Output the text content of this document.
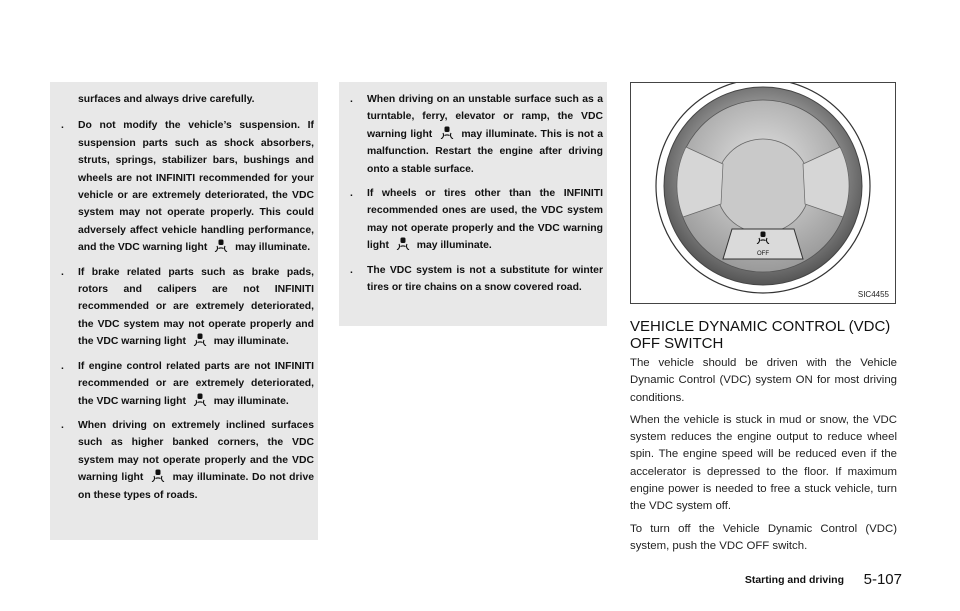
surfaces and always drive carefully.
. Do not modify the vehicle’s suspension. If suspension parts such as shock absorbers, struts, springs, stabilizer bars, bushings and wheels are not INFINITI recommended for your vehicle or are extremely deteriorated, the VDC system may not operate properly. This could adversely affect vehicle handling performance, and the VDC warning light	may illuminate.
. If brake related parts such as brake pads, rotors and calipers are not INFINITI recommended or are extremely deteriorated, the VDC system may not operate properly and the VDC warning light	may illuminate.
. If engine control related parts are not INFINITI recommended or are extremely deteriorated, the VDC warning light	may illuminate.
. When driving on extremely inclined surfaces such as higher banked corners, the VDC system may not operate properly and the VDC warning light	may illuminate. Do not drive on these types of roads.
. When driving on an unstable surface such as a turntable, ferry, elevator or ramp, the VDC warning light	may illuminate. This is not a malfunction. Restart the engine after driving onto a stable surface.
. If wheels or tires other than the INFINITI recommended ones are used, the VDC system may not operate properly and the VDC warning light	may illuminate.
. The VDC system is not a substitute for winter tires or tire chains on a snow covered road.
OFF
SIC4455
VEHICLE DYNAMIC CONTROL (VDC) OFF SWITCH

The vehicle should be driven with the Vehicle Dynamic Control (VDC) system ON for most driving conditions.

When the vehicle is stuck in mud or snow, the VDC system reduces the engine output to reduce wheel spin. The engine speed will be reduced even if the accelerator is depressed to the floor. If maximum engine power is needed to free a stuck vehicle, turn the VDC system off.

To turn off the Vehicle Dynamic Control (VDC) system, push the VDC OFF switch.

Starting and driving 5-107
